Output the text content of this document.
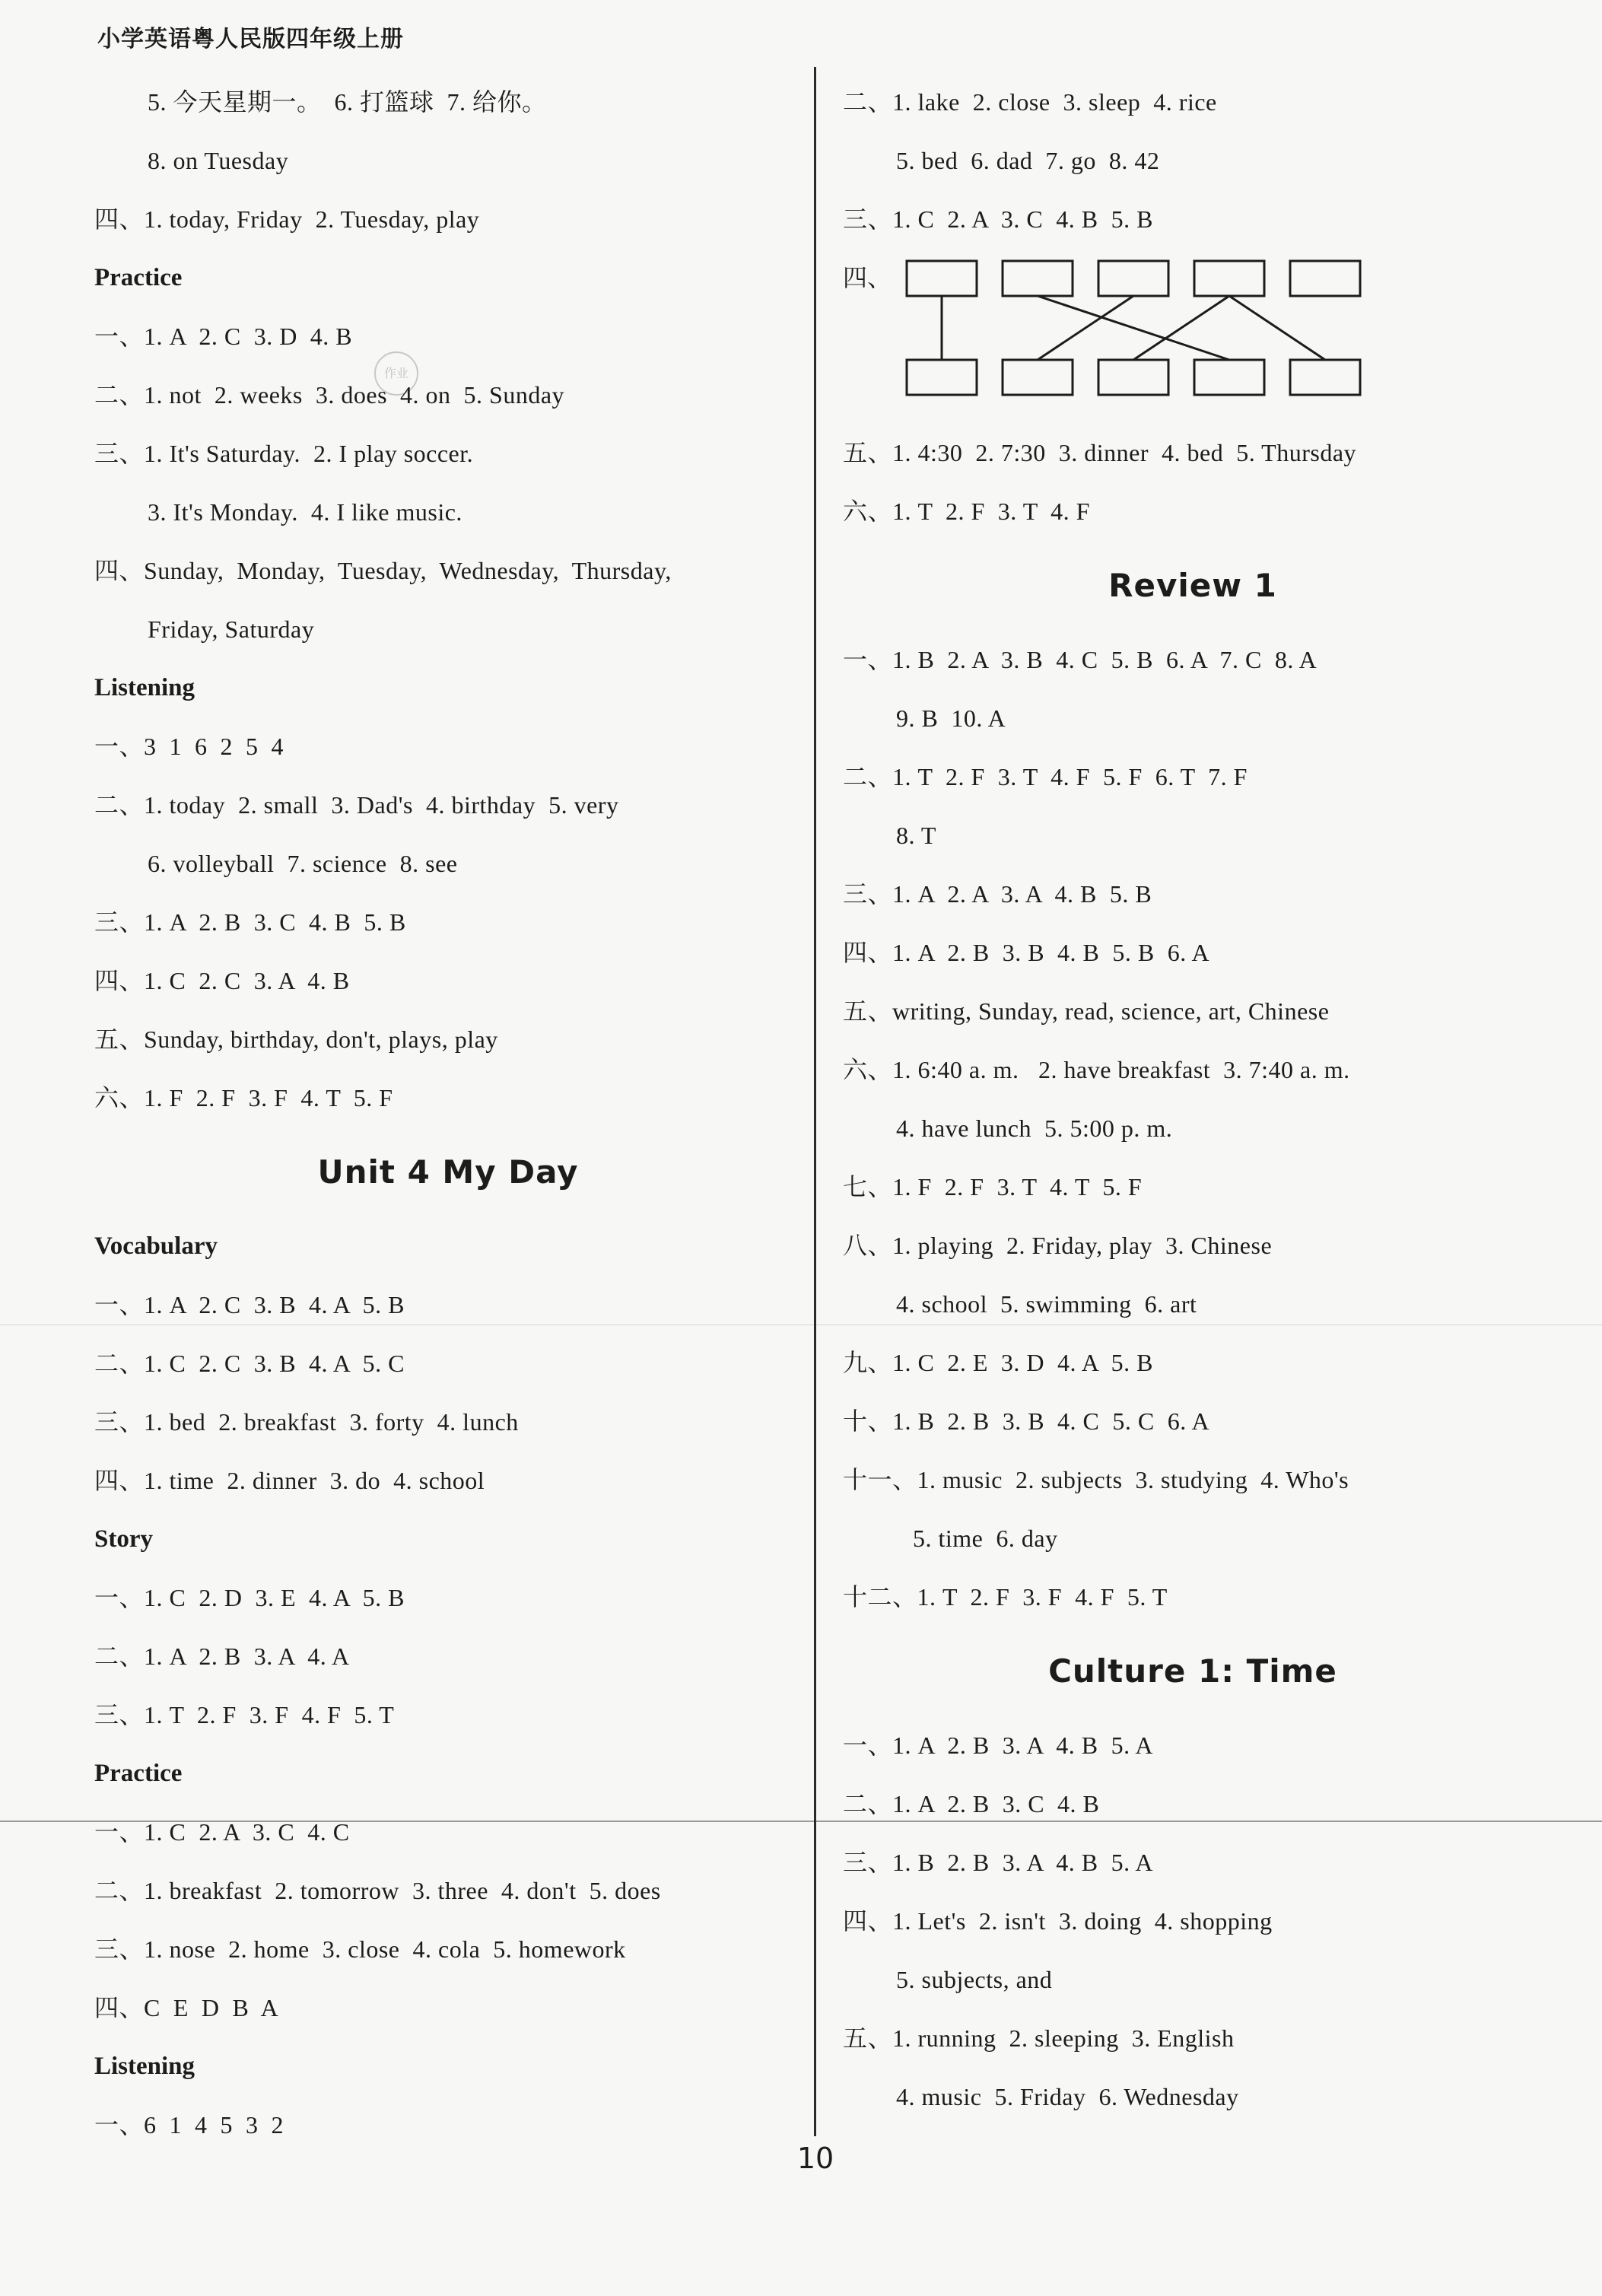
小学英语粤人民版四年级上册
作业
5. 今天星期一。  6. 打篮球  7. 给你。
8. on Tuesday
四、1. today, Friday  2. Tuesday, play
Practice
一、1. A  2. C  3. D  4. B
二、1. not  2. weeks  3. does  4. on  5. Sunday
三、1. It's Saturday.  2. I play soccer.
3. It's Monday.  4. I like music.
四、Sunday,  Monday,  Tuesday,  Wednesday,  Thursday,
Friday, Saturday
Listening
一、3  1  6  2  5  4
二、1. today  2. small  3. Dad's  4. birthday  5. very
6. volleyball  7. science  8. see
三、1. A  2. B  3. C  4. B  5. B
四、1. C  2. C  3. A  4. B
五、Sunday, birthday, don't, plays, play
六、1. F  2. F  3. F  4. T  5. F
Unit 4 My Day
Vocabulary
一、1. A  2. C  3. B  4. A  5. B
二、1. C  2. C  3. B  4. A  5. C
三、1. bed  2. breakfast  3. forty  4. lunch
四、1. time  2. dinner  3. do  4. school
Story
一、1. C  2. D  3. E  4. A  5. B
二、1. A  2. B  3. A  4. A
三、1. T  2. F  3. F  4. F  5. T
Practice
一、1. C  2. A  3. C  4. C
二、1. breakfast  2. tomorrow  3. three  4. don't  5. does
三、1. nose  2. home  3. close  4. cola  5. homework
四、C  E  D  B  A
Listening
一、6  1  4  5  3  2
二、1. lake  2. close  3. sleep  4. rice
5. bed  6. dad  7. go  8. 42
三、1. C  2. A  3. C  4. B  5. B
四、
五、1. 4:30  2. 7:30  3. dinner  4. bed  5. Thursday
六、1. T  2. F  3. T  4. F
Review 1
一、1. B  2. A  3. B  4. C  5. B  6. A  7. C  8. A
9. B  10. A
二、1. T  2. F  3. T  4. F  5. F  6. T  7. F
8. T
三、1. A  2. A  3. A  4. B  5. B
四、1. A  2. B  3. B  4. B  5. B  6. A
五、writing, Sunday, read, science, art, Chinese
六、1. 6:40 a. m.   2. have breakfast  3. 7:40 a. m.
4. have lunch  5. 5:00 p. m.
七、1. F  2. F  3. T  4. T  5. F
八、1. playing  2. Friday, play  3. Chinese
4. school  5. swimming  6. art
九、1. C  2. E  3. D  4. A  5. B
十、1. B  2. B  3. B  4. C  5. C  6. A
十一、1. music  2. subjects  3. studying  4. Who's
5. time  6. day
十二、1. T  2. F  3. F  4. F  5. T
Culture 1: Time
一、1. A  2. B  3. A  4. B  5. A
二、1. A  2. B  3. C  4. B
三、1. B  2. B  3. A  4. B  5. A
四、1. Let's  2. isn't  3. doing  4. shopping
5. subjects, and
五、1. running  2. sleeping  3. English
4. music  5. Friday  6. Wednesday
10
